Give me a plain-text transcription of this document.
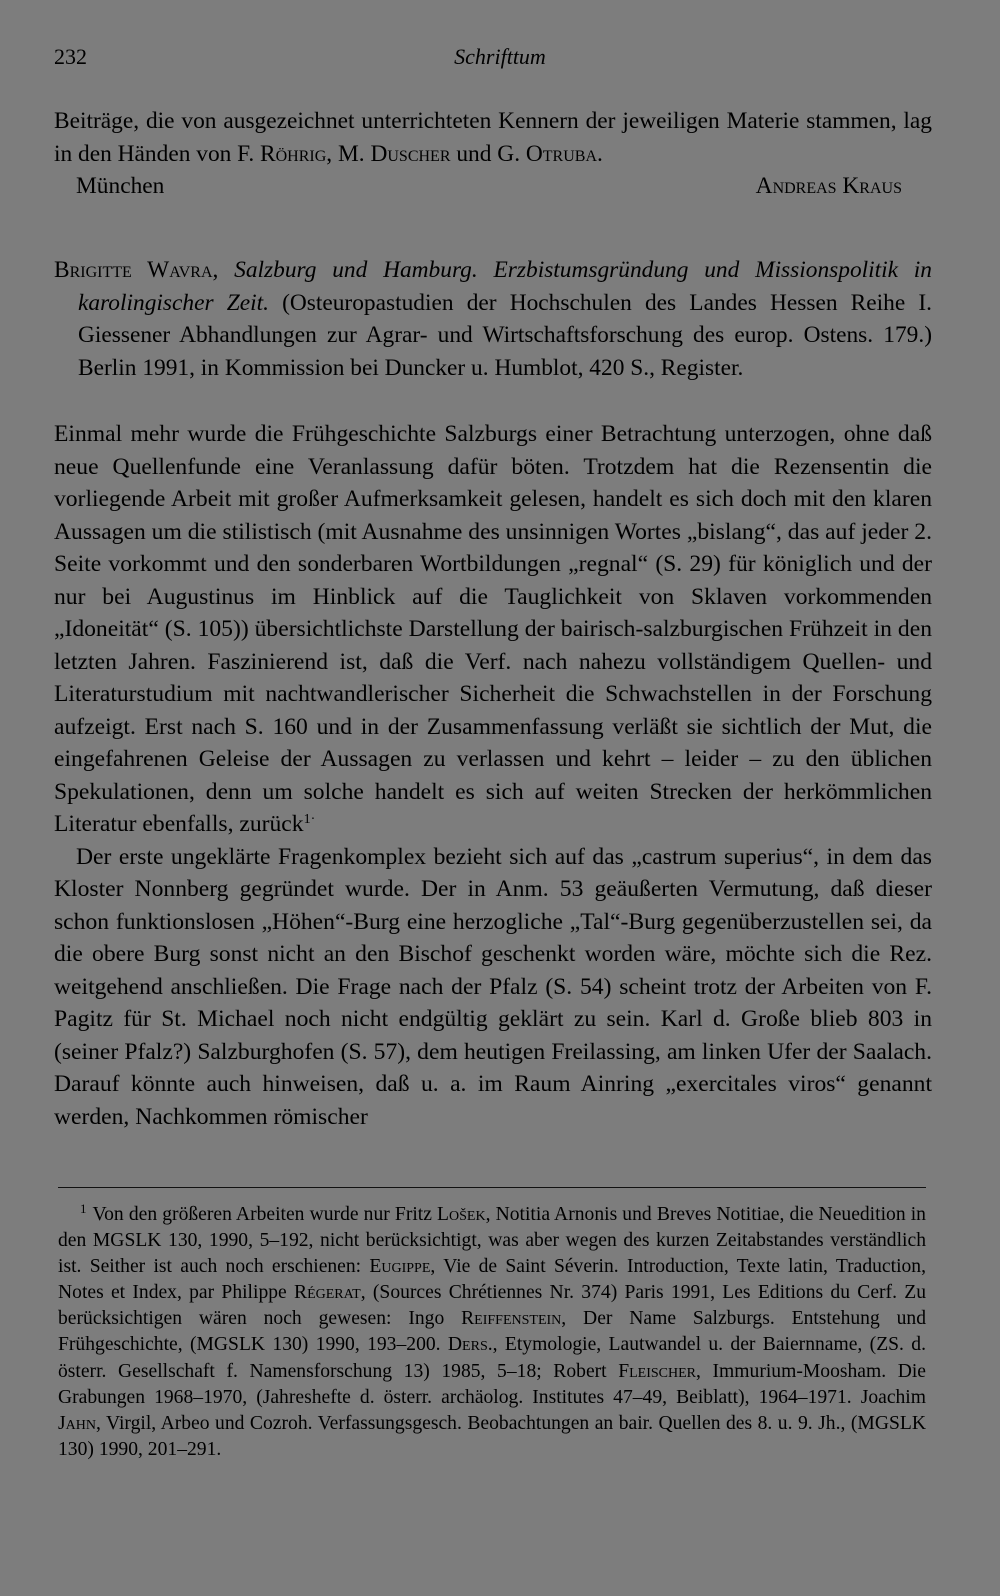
232	Schrifttum

Beiträge, die von ausgezeichnet unterrichteten Kennern der jeweiligen Materie stammen, lag in den Händen von F. Röhrig, M. Duscher und G. Otruba.

München	Andreas Kraus

Brigitte Wavra, Salzburg und Hamburg. Erzbistumsgründung und Missionspolitik in karolingischer Zeit. (Osteuropastudien der Hochschulen des Landes Hessen Reihe I. Giessener Abhandlungen zur Agrar- und Wirtschaftsforschung des europ. Ostens. 179.) Berlin 1991, in Kommission bei Duncker u. Humblot, 420 S., Register.

Einmal mehr wurde die Frühgeschichte Salzburgs einer Betrachtung unterzogen, ohne daß neue Quellenfunde eine Veranlassung dafür böten. Trotzdem hat die Rezensentin die vorliegende Arbeit mit großer Aufmerksamkeit gelesen, handelt es sich doch mit den klaren Aussagen um die stilistisch (mit Ausnahme des unsinnigen Wortes „bislang“, das auf jeder 2. Seite vorkommt und den sonderbaren Wortbildungen „regnal“ (S. 29) für königlich und der nur bei Augustinus im Hinblick auf die Tauglichkeit von Sklaven vorkommenden „Idoneität“ (S. 105)) übersichtlichste Darstellung der bairisch-salzburgischen Frühzeit in den letzten Jahren. Faszinierend ist, daß die Verf. nach nahezu vollständigem Quellen- und Literaturstudium mit nachtwandlerischer Sicherheit die Schwachstellen in der Forschung aufzeigt. Erst nach S. 160 und in der Zusammenfassung verläßt sie sichtlich der Mut, die eingefahrenen Geleise der Aussagen zu verlassen und kehrt – leider – zu den üblichen Spekulationen, denn um solche handelt es sich auf weiten Strecken der herkömmlichen Literatur ebenfalls, zurück$^{1\cdot}$

Der erste ungeklärte Fragenkomplex bezieht sich auf das „castrum superius“, in dem das Kloster Nonnberg gegründet wurde. Der in Anm. 53 geäußerten Vermutung, daß dieser schon funktionslosen „Höhen“-Burg eine herzogliche „Tal“-Burg gegenüberzustellen sei, da die obere Burg sonst nicht an den Bischof geschenkt worden wäre, möchte sich die Rez. weitgehend anschließen. Die Frage nach der Pfalz (S. 54) scheint trotz der Arbeiten von F. Pagitz für St. Michael noch nicht endgültig geklärt zu sein. Karl d. Große blieb 803 in (seiner Pfalz?) Salzburghofen (S. 57), dem heutigen Freilassing, am linken Ufer der Saalach. Darauf könnte auch hinweisen, daß u. a. im Raum Ainring „exercitales viros“ genannt werden, Nachkommen römischer

$^1$ Von den größeren Arbeiten wurde nur Fritz Lošek, Notitia Arnonis und Breves Notitiae, die Neuedition in den MGSLK 130, 1990, 5–192, nicht berücksichtigt, was aber wegen des kurzen Zeitabstandes verständlich ist. Seither ist auch noch erschienen: Eugippe, Vie de Saint Séverin. Introduction, Texte latin, Traduction, Notes et Index, par Philippe Régerat, (Sources Chrétiennes Nr. 374) Paris 1991, Les Editions du Cerf. Zu berücksichtigen wären noch gewesen: Ingo Reiffenstein, Der Name Salzburgs. Entstehung und Frühgeschichte, (MGSLK 130) 1990, 193–200. Ders., Etymologie, Lautwandel u. der Baiernname, (ZS. d. österr. Gesellschaft f. Namensforschung 13) 1985, 5–18; Robert Fleischer, Immurium-Moosham. Die Grabungen 1968–1970, (Jahreshefte d. österr. archäolog. Institutes 47–49, Beiblatt), 1964–1971. Joachim Jahn, Virgil, Arbeo und Cozroh. Verfassungsgesch. Beobachtungen an bair. Quellen des 8. u. 9. Jh., (MGSLK 130) 1990, 201–291.
